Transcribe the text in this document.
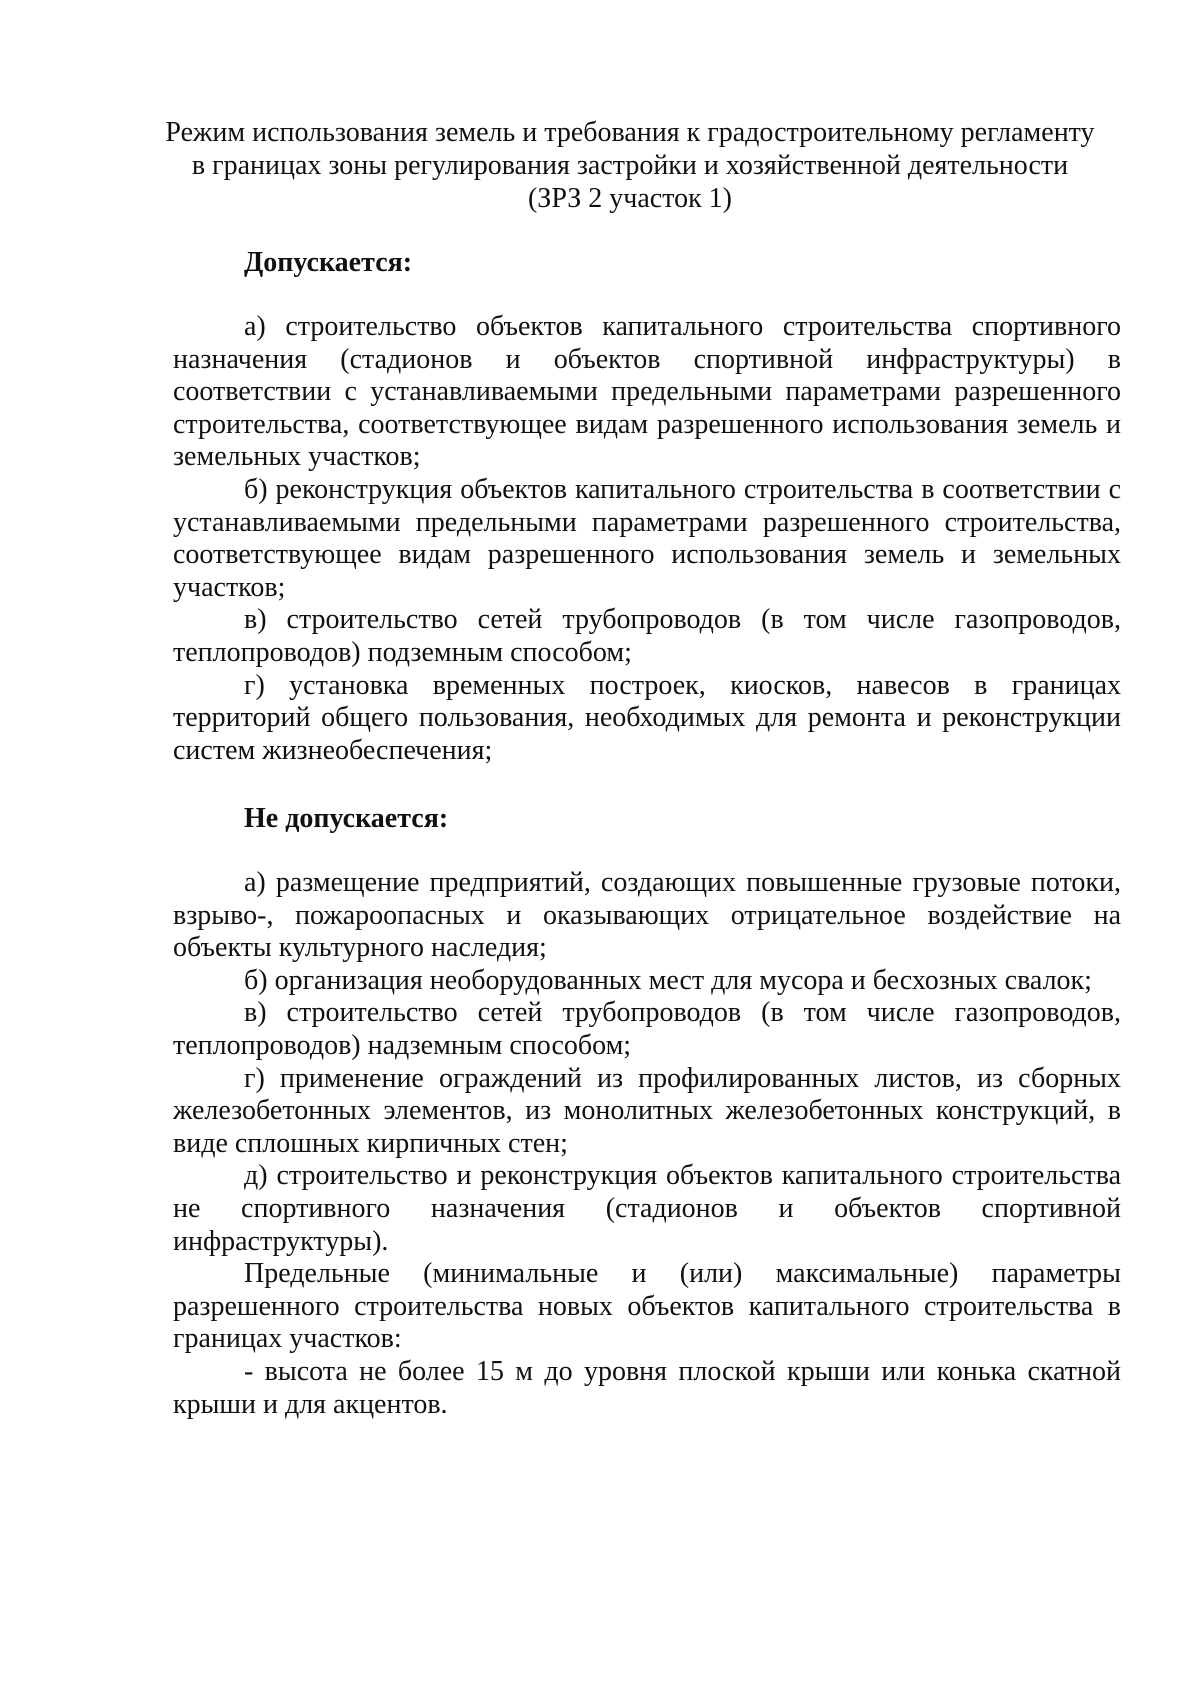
Режим использования земель и требования к градостроительному регламенту
в границах зоны регулирования застройки и хозяйственной деятельности
(ЗРЗ 2 участок 1)
Допускается:

а) строительство объектов капитального строительства спортивного назначения (стадионов и объектов спортивной инфраструктуры) в соответствии с устанавливаемыми предельными параметрами разрешенного строительства, соответствующее видам разрешенного использования земель и земельных участков;

б) реконструкция объектов капитального строительства в соответствии с устанавливаемыми предельными параметрами разрешенного строительства, соответствующее видам разрешенного использования земель и земельных участков;

в) строительство сетей трубопроводов (в том числе газопроводов, теплопроводов) подземным способом;

г) установка временных построек, киосков, навесов в границах территорий общего пользования, необходимых для ремонта и реконструкции систем жизнеобеспечения;

Не допускается:

а) размещение предприятий, создающих повышенные грузовые потоки, взрыво-, пожароопасных и оказывающих отрицательное воздействие на объекты культурного наследия;

б) организация необорудованных мест для мусора и бесхозных свалок;

в) строительство сетей трубопроводов (в том числе газопроводов, теплопроводов) надземным способом;

г) применение ограждений из профилированных листов, из сборных железобетонных элементов, из монолитных железобетонных конструкций, в виде сплошных кирпичных стен;

д) строительство и реконструкция объектов капитального строительства не спортивного назначения (стадионов и объектов спортивной инфраструктуры).

Предельные (минимальные и (или) максимальные) параметры разрешенного строительства новых объектов капитального строительства в границах участков:

- высота не более 15 м до уровня плоской крыши или конька скатной крыши и для акцентов.
